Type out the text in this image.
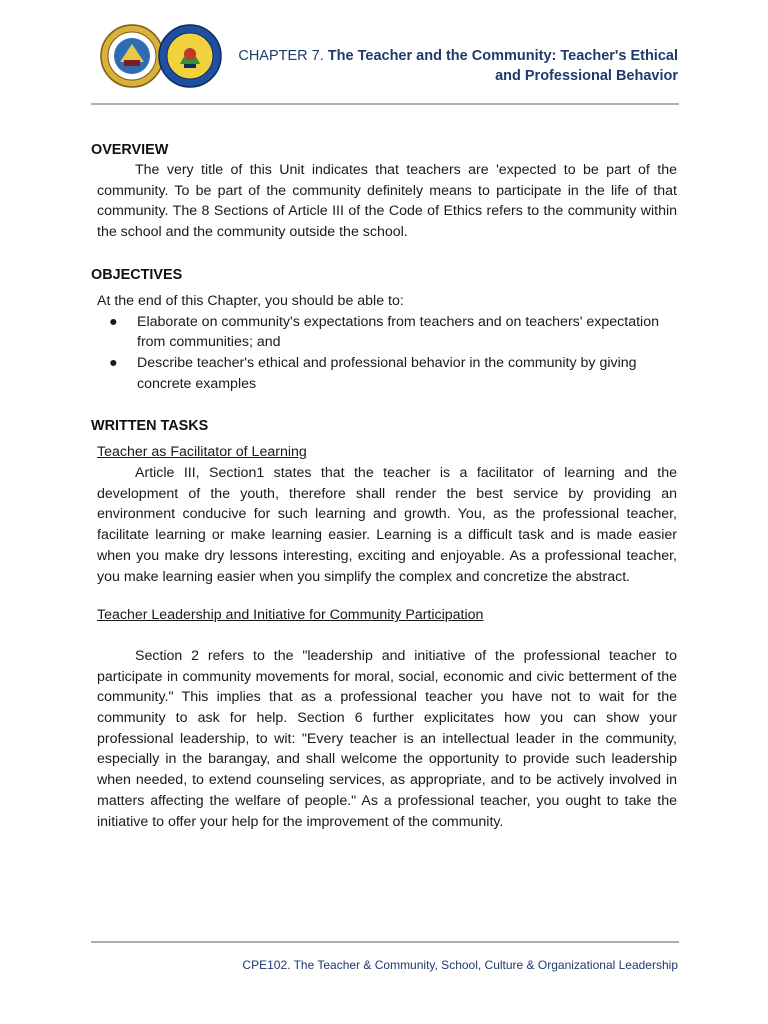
CHAPTER 7. The Teacher and the Community: Teacher's Ethical
and Professional Behavior
OVERVIEW

The very title of this Unit indicates that teachers are 'expected to be part of the community. To be part of the community definitely means to participate in the life of that community. The 8 Sections of Article III of the Code of Ethics refers to the community within the school and the community outside the school.

OBJECTIVES

At the end of this Chapter, you should be able to:

● Elaborate on community's expectations from teachers and on teachers' expectation from communities; and
● Describe teacher's ethical and professional behavior in the community by giving concrete examples
WRITTEN TASKS

Teacher as Facilitator of Learning

Article III, Section1 states that the teacher is a facilitator of learning and the development of the youth, therefore shall render the best service by providing an environment conducive for such learning and growth. You, as the professional teacher, facilitate learning or make learning easier. Learning is a difficult task and is made easier when you make dry lessons interesting, exciting and enjoyable. As a professional teacher, you make learning easier when you simplify the complex and concretize the abstract.

Teacher Leadership and Initiative for Community Participation

Section 2 refers to the "leadership and initiative of the professional teacher to participate in community movements for moral, social, economic and civic betterment of the community." This implies that as a professional teacher you have not to wait for the community to ask for help. Section 6 further explicitates how you can show your professional leadership, to wit: "Every teacher is an intellectual leader in the community, especially in the barangay, and shall welcome the opportunity to provide such leadership when needed, to extend counseling services, as appropriate, and to be actively involved in matters affecting the welfare of people." As a professional teacher, you ought to take the initiative to offer your help for the improvement of the community.

CPE102. The Teacher & Community, School, Culture & Organizational Leadership
